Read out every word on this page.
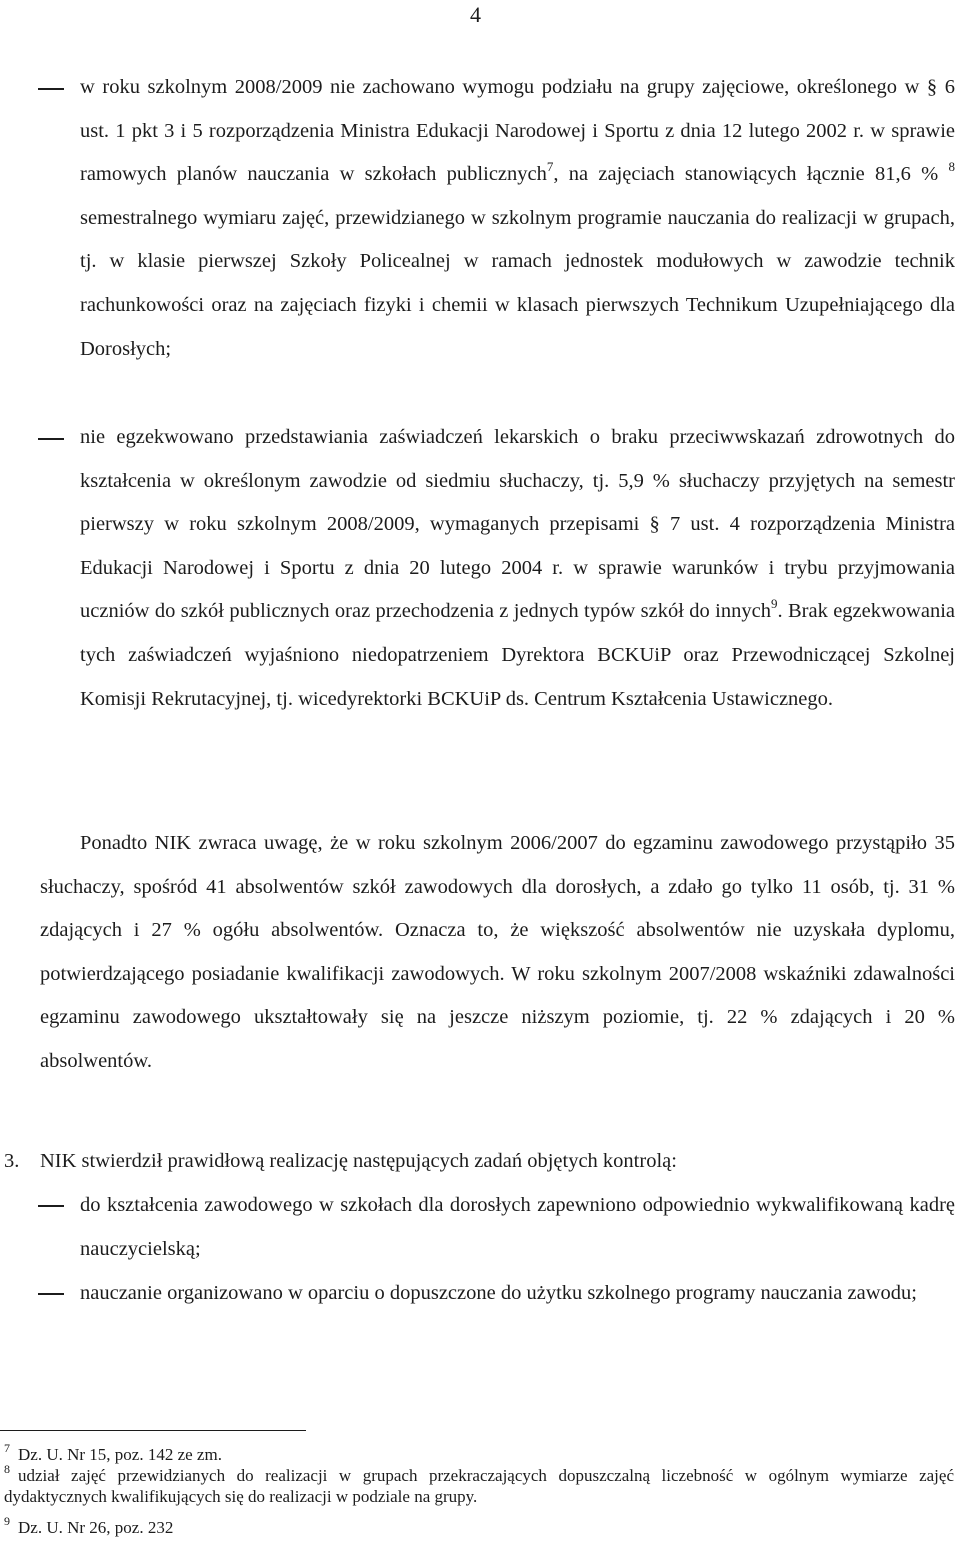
4

w roku szkolnym 2008/2009 nie zachowano wymogu podziału na grupy zajęciowe, określonego w § 6 ust. 1 pkt 3 i 5 rozporządzenia Ministra Edukacji Narodowej i Sportu z dnia 12 lutego 2002 r. w sprawie ramowych planów nauczania w szkołach publicznych$^7$, na zajęciach stanowiących łącznie 81,6 % $^8$ semestralnego wymiaru zajęć, przewidzianego w szkolnym programie nauczania do realizacji w grupach, tj. w klasie pierwszej Szkoły Policealnej w ramach jednostek modułowych w zawodzie technik rachunkowości oraz na zajęciach fizyki i chemii w klasach pierwszych Technikum Uzupełniającego dla Dorosłych;

nie egzekwowano przedstawiania zaświadczeń lekarskich o braku przeciwwskazań zdrowotnych do kształcenia w określonym zawodzie od siedmiu słuchaczy, tj. 5,9 % słuchaczy przyjętych na semestr pierwszy w roku szkolnym 2008/2009, wymaganych przepisami § 7 ust. 4 rozporządzenia Ministra Edukacji Narodowej i Sportu z dnia 20 lutego 2004 r. w sprawie warunków i trybu przyjmowania uczniów do szkół publicznych oraz przechodzenia z jednych typów szkół do innych$^9$. Brak egzekwowania tych zaświadczeń wyjaśniono niedopatrzeniem Dyrektora BCKUiP oraz Przewodniczącej Szkolnej Komisji Rekrutacyjnej, tj. wicedyrektorki BCKUiP ds. Centrum Kształcenia Ustawicznego.

Ponadto NIK zwraca uwagę, że w roku szkolnym 2006/2007 do egzaminu zawodowego przystąpiło 35 słuchaczy, spośród 41 absolwentów szkół zawodowych dla dorosłych, a zdało go tylko 11 osób, tj. 31 % zdających i 27 % ogółu absolwentów. Oznacza to, że większość absolwentów nie uzyskała dyplomu, potwierdzającego posiadanie kwalifikacji zawodowych. W roku szkolnym 2007/2008 wskaźniki zdawalności egzaminu zawodowego ukształtowały się na jeszcze niższym poziomie, tj. 22 % zdających i 20 % absolwentów.

3. NIK stwierdził prawidłową realizację następujących zadań objętych kontrolą:

do kształcenia zawodowego w szkołach dla dorosłych zapewniono odpowiednio wykwalifikowaną kadrę nauczycielską;

nauczanie organizowano w oparciu o dopuszczone do użytku szkolnego programy nauczania zawodu;

$^7$ Dz. U. Nr 15, poz. 142 ze zm.

$^8$ udział zajęć przewidzianych do realizacji w grupach przekraczających dopuszczalną liczebność w ogólnym wymiarze zajęć dydaktycznych kwalifikujących się do realizacji w podziale na grupy.

$^9$ Dz. U. Nr 26, poz. 232
